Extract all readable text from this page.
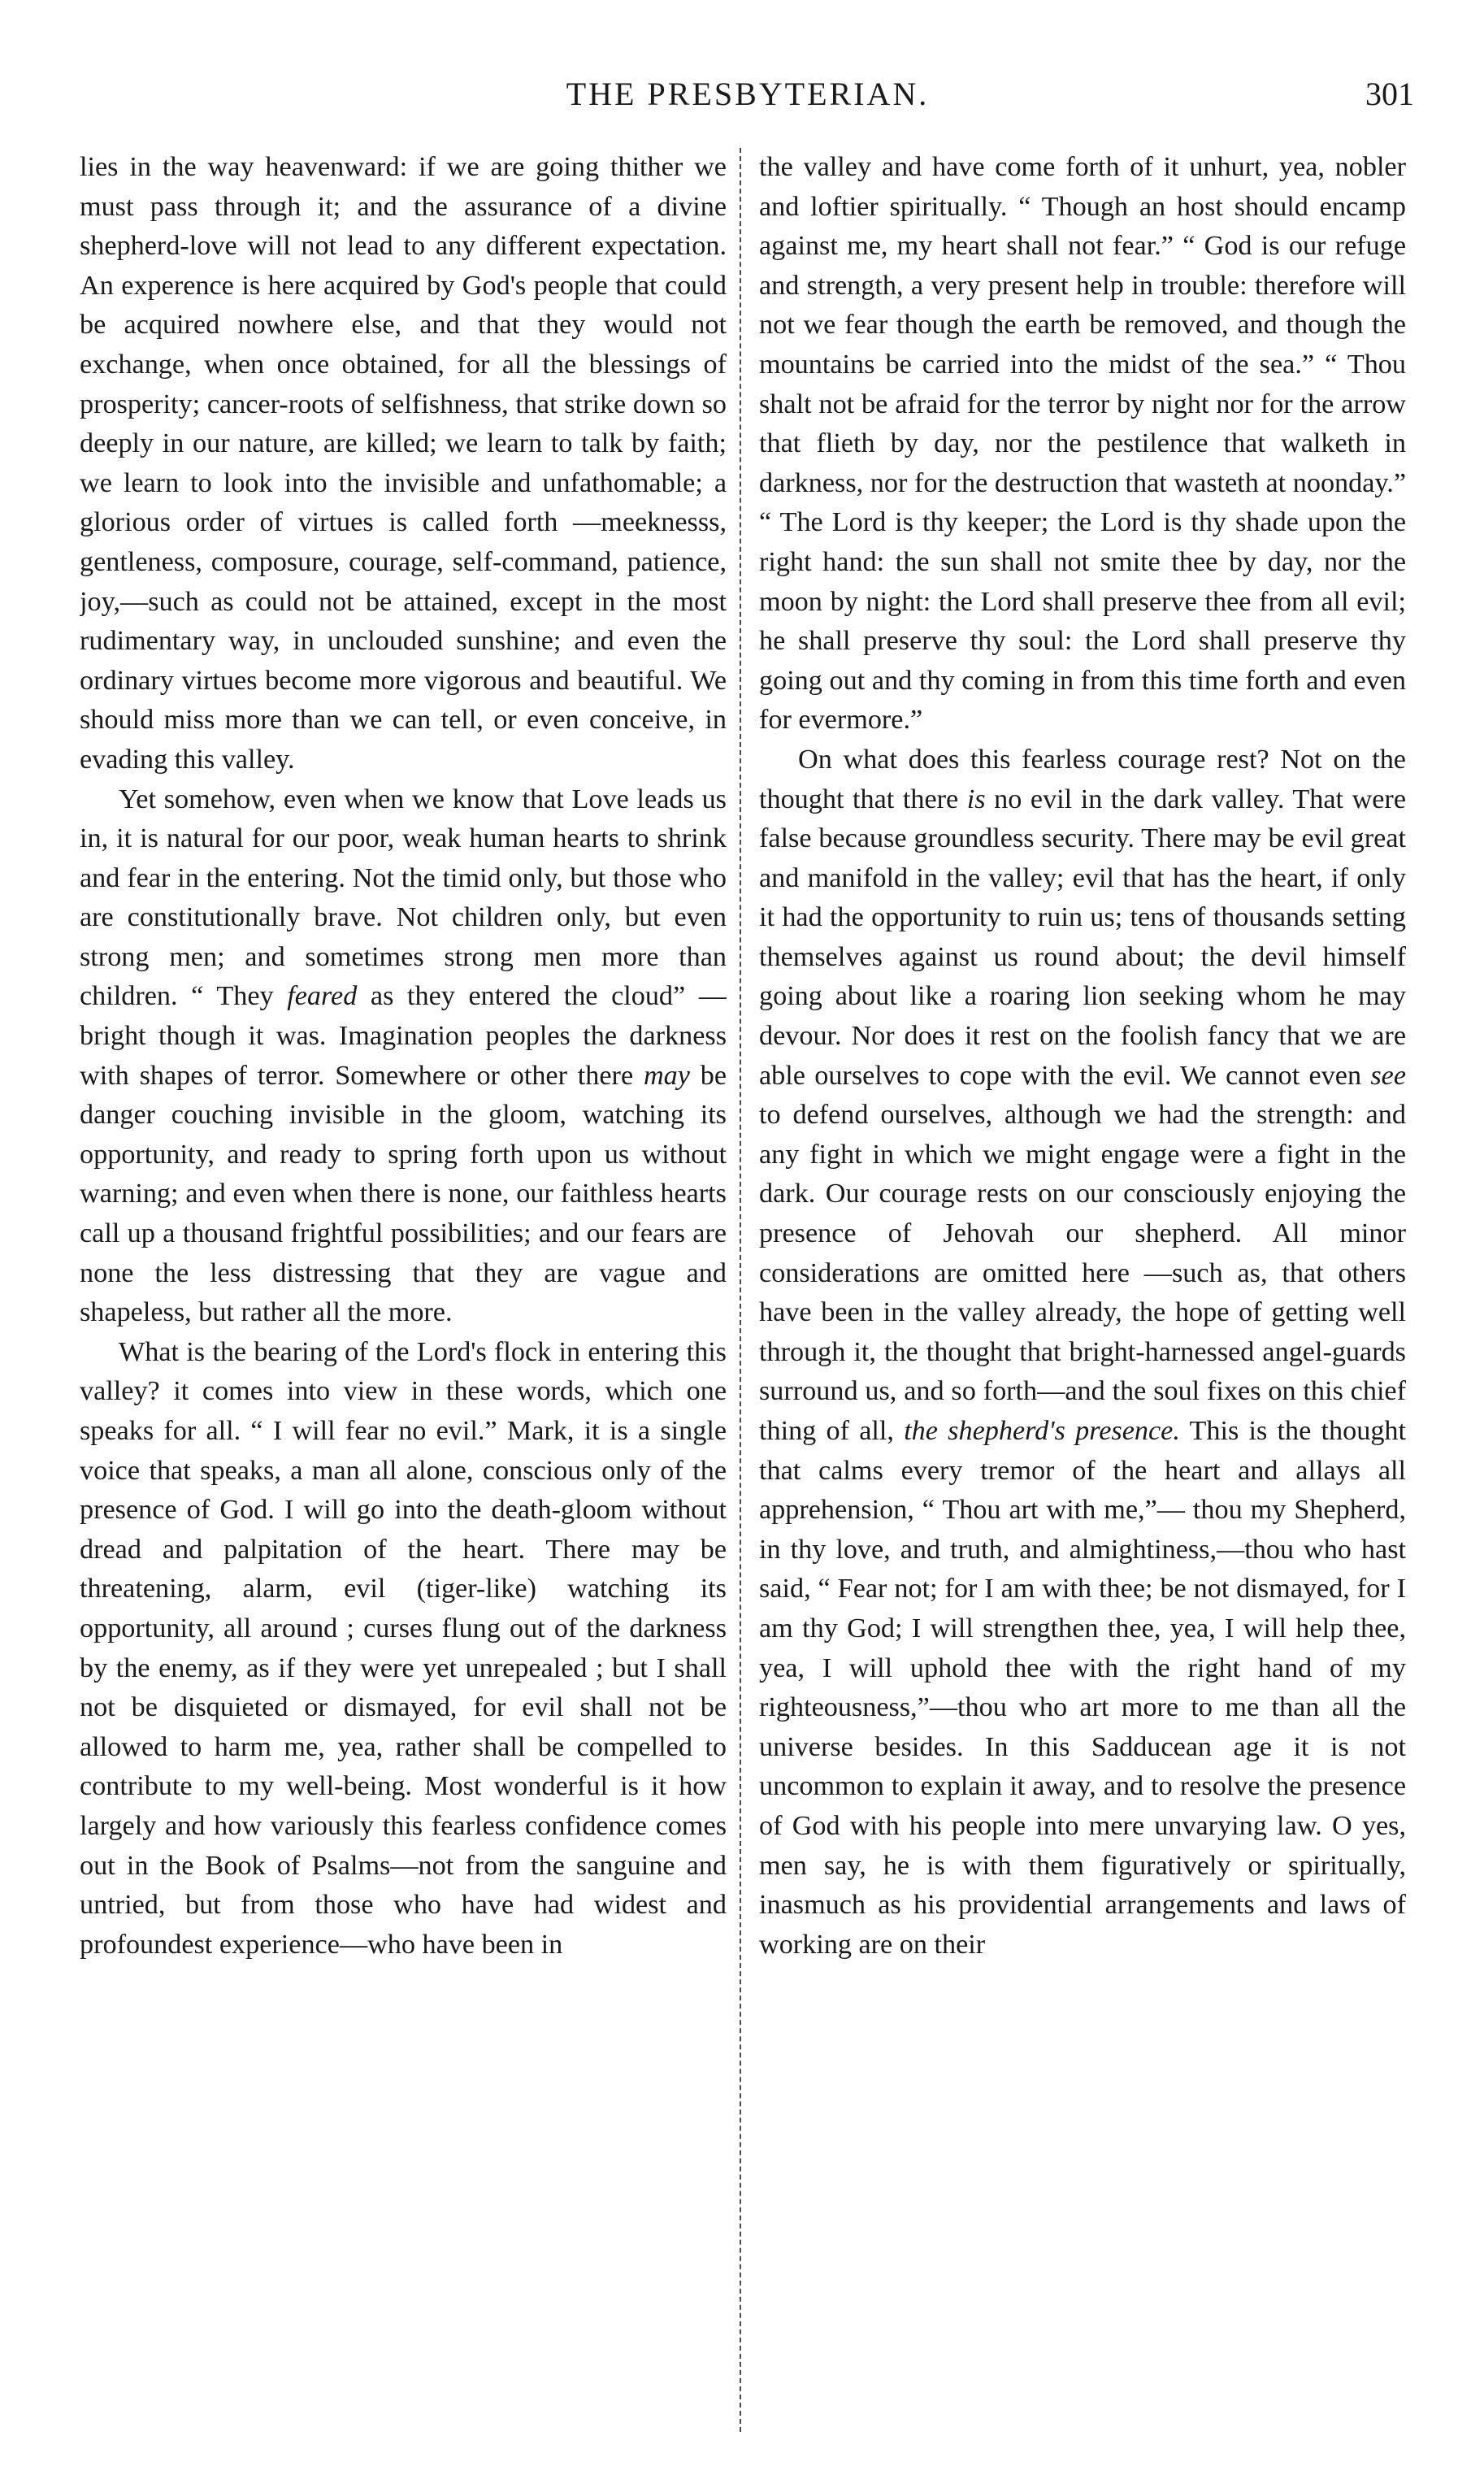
THE PRESBYTERIAN.	301

lies in the way heavenward: if we are going thither we must pass through it; and the assurance of a divine shepherd-love will not lead to any different expectation. An experence is here acquired by God's people that could be acquired nowhere else, and that they would not exchange, when once obtained, for all the blessings of prosperity; cancer-roots of selfishness, that strike down so deeply in our nature, are killed; we learn to talk by faith; we learn to look into the invisible and unfathomable; a glorious order of virtues is called forth —meeknesss, gentleness, composure, courage, self-command, patience, joy,—such as could not be attained, except in the most rudimentary way, in unclouded sunshine; and even the ordinary virtues become more vigorous and beautiful. We should miss more than we can tell, or even conceive, in evading this valley.

Yet somehow, even when we know that Love leads us in, it is natural for our poor, weak human hearts to shrink and fear in the entering. Not the timid only, but those who are constitutionally brave. Not children only, but even strong men; and sometimes strong men more than children. “ They feared as they entered the cloud” —bright though it was. Imagination peoples the darkness with shapes of terror. Somewhere or other there may be danger couching invisible in the gloom, watching its opportunity, and ready to spring forth upon us without warning; and even when there is none, our faithless hearts call up a thousand frightful possibilities; and our fears are none the less distressing that they are vague and shapeless, but rather all the more.

What is the bearing of the Lord's flock in entering this valley? it comes into view in these words, which one speaks for all. “ I will fear no evil.” Mark, it is a single voice that speaks, a man all alone, conscious only of the presence of God. I will go into the death-gloom without dread and palpitation of the heart. There may be threatening, alarm, evil (tiger-like) watching its opportunity, all around ; curses flung out of the darkness by the enemy, as if they were yet unrepealed ; but I shall not be disquieted or dismayed, for evil shall not be allowed to harm me, yea, rather shall be compelled to contribute to my well-being. Most wonderful is it how largely and how variously this fearless confidence comes out in the Book of Psalms—not from the sanguine and untried, but from those who have had widest and profoundest experience—who have been in

the valley and have come forth of it unhurt, yea, nobler and loftier spiritually. “ Though an host should encamp against me, my heart shall not fear.” “ God is our refuge and strength, a very present help in trouble: therefore will not we fear though the earth be removed, and though the mountains be carried into the midst of the sea.” “ Thou shalt not be afraid for the terror by night nor for the arrow that flieth by day, nor the pestilence that walketh in darkness, nor for the destruction that wasteth at noonday.” “ The Lord is thy keeper; the Lord is thy shade upon the right hand: the sun shall not smite thee by day, nor the moon by night: the Lord shall preserve thee from all evil; he shall preserve thy soul: the Lord shall preserve thy going out and thy coming in from this time forth and even for evermore.”

On what does this fearless courage rest? Not on the thought that there is no evil in the dark valley. That were false because groundless security. There may be evil great and manifold in the valley; evil that has the heart, if only it had the opportunity to ruin us; tens of thousands setting themselves against us round about; the devil himself going about like a roaring lion seeking whom he may devour. Nor does it rest on the foolish fancy that we are able ourselves to cope with the evil. We cannot even see to defend ourselves, although we had the strength: and any fight in which we might engage were a fight in the dark. Our courage rests on our consciously enjoying the presence of Jehovah our shepherd. All minor considerations are omitted here —such as, that others have been in the valley already, the hope of getting well through it, the thought that bright-harnessed angel-guards surround us, and so forth—and the soul fixes on this chief thing of all, the shepherd's presence. This is the thought that calms every tremor of the heart and allays all apprehension, “ Thou art with me,”— thou my Shepherd, in thy love, and truth, and almightiness,—thou who hast said, “ Fear not; for I am with thee; be not dismayed, for I am thy God; I will strengthen thee, yea, I will help thee, yea, I will uphold thee with the right hand of my righteousness,”—thou who art more to me than all the universe besides. In this Sadducean age it is not uncommon to explain it away, and to resolve the presence of God with his people into mere unvarying law. O yes, men say, he is with them figuratively or spiritually, inasmuch as his providential arrangements and laws of working are on their
